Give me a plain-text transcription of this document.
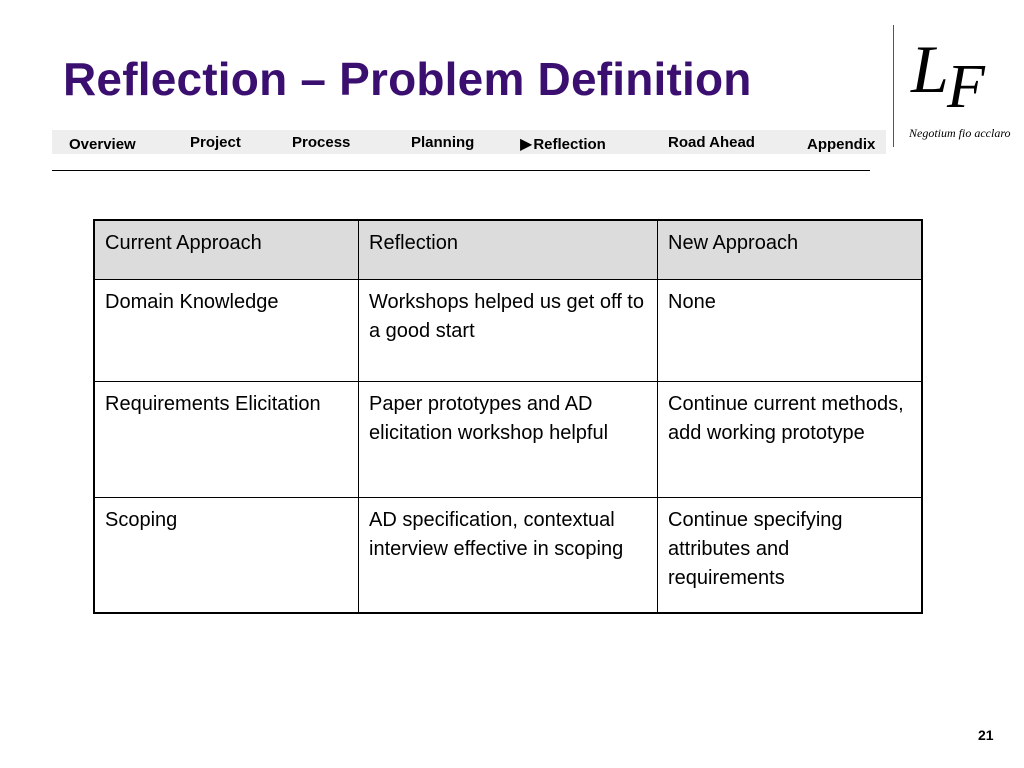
Reflection – Problem Definition
Overview	Project	Process	Planning	▶Reflection	Road Ahead	Appendix
L
F
Negotium fio acclaro
Current Approach	Reflection	New Approach
Domain Knowledge	Workshops helped us get off to a good start	None
Requirements Elicitation	Paper prototypes and AD elicitation workshop helpful	Continue current methods, add working prototype
Scoping	AD specification, contextual interview effective in scoping	Continue specifying attributes and requirements
21
